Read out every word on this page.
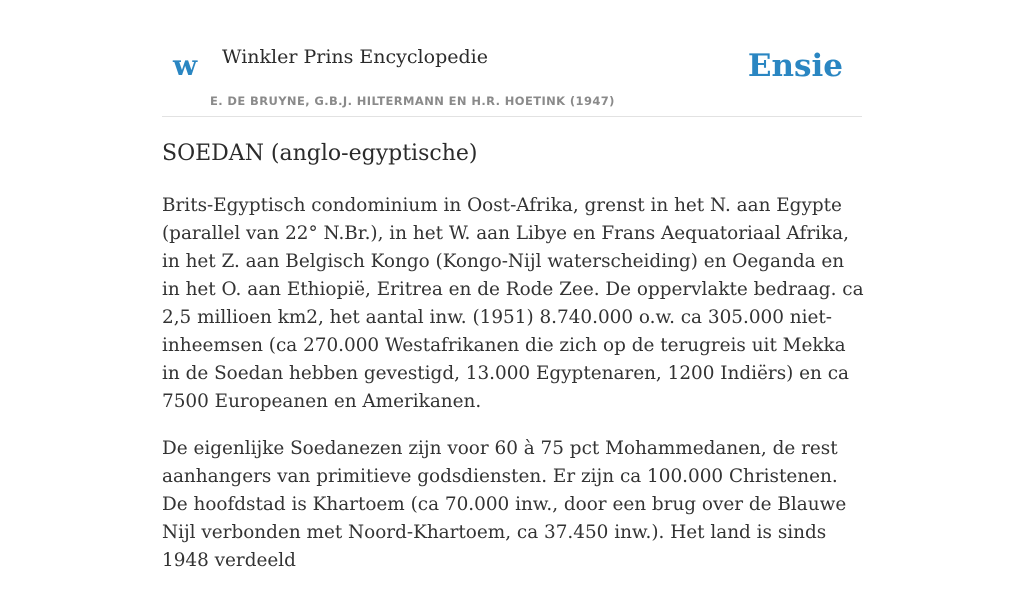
w Winkler Prins Encyclopedie
E. DE BRUYNE, G.B.J. HILTERMANN EN H.R. HOETINK (1947)
Ensie
SOEDAN (anglo-egyptische)

Brits-Egyptisch condominium in Oost-Afrika, grenst in het N. aan Egypte (parallel van 22° N.Br.), in het W. aan Libye en Frans Aequatoriaal Afrika, in het Z. aan Belgisch Kongo (Kongo-Nijl waterscheiding) en Oeganda en in het O. aan Ethiopië, Eritrea en de Rode Zee. De oppervlakte bedraag. ca 2,5 millioen km2, het aantal inw. (1951) 8.740.000 o.w. ca 305.000 niet-inheemsen (ca 270.000 Westafrikanen die zich op de terugreis uit Mekka in de Soedan hebben gevestigd, 13.000 Egyptenaren, 1200 Indiërs) en ca 7500 Europeanen en Amerikanen.

De eigenlijke Soedanezen zijn voor 60 à 75 pct Mohammedanen, de rest aanhangers van primitieve godsdiensten. Er zijn ca 100.000 Christenen. De hoofdstad is Khartoem (ca 70.000 inw., door een brug over de Blauwe Nijl verbonden met Noord-Khartoem, ca 37.450 inw.). Het land is sinds 1948 verdeeld
